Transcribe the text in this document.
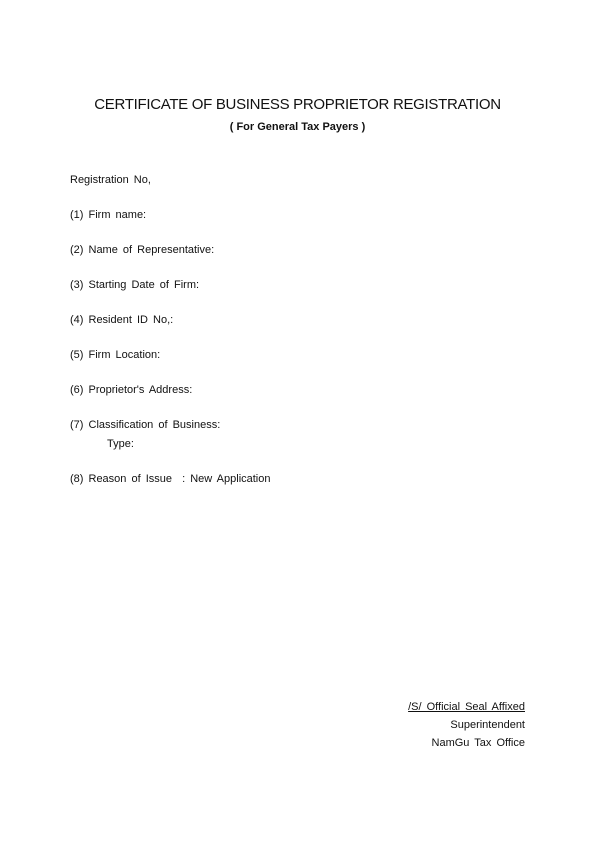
CERTIFICATE OF BUSINESS PROPRIETOR REGISTRATION
( For General Tax Payers )
Registration No,
(1) Firm name:
(2) Name of Representative:
(3) Starting Date of Firm:
(4) Resident ID No,:
(5) Firm Location:
(6) Proprietor's Address:
(7) Classification of Business:
Type:
(8) Reason of Issue  : New Application
/S/ Official Seal Affixed
Superintendent
NamGu Tax Office
